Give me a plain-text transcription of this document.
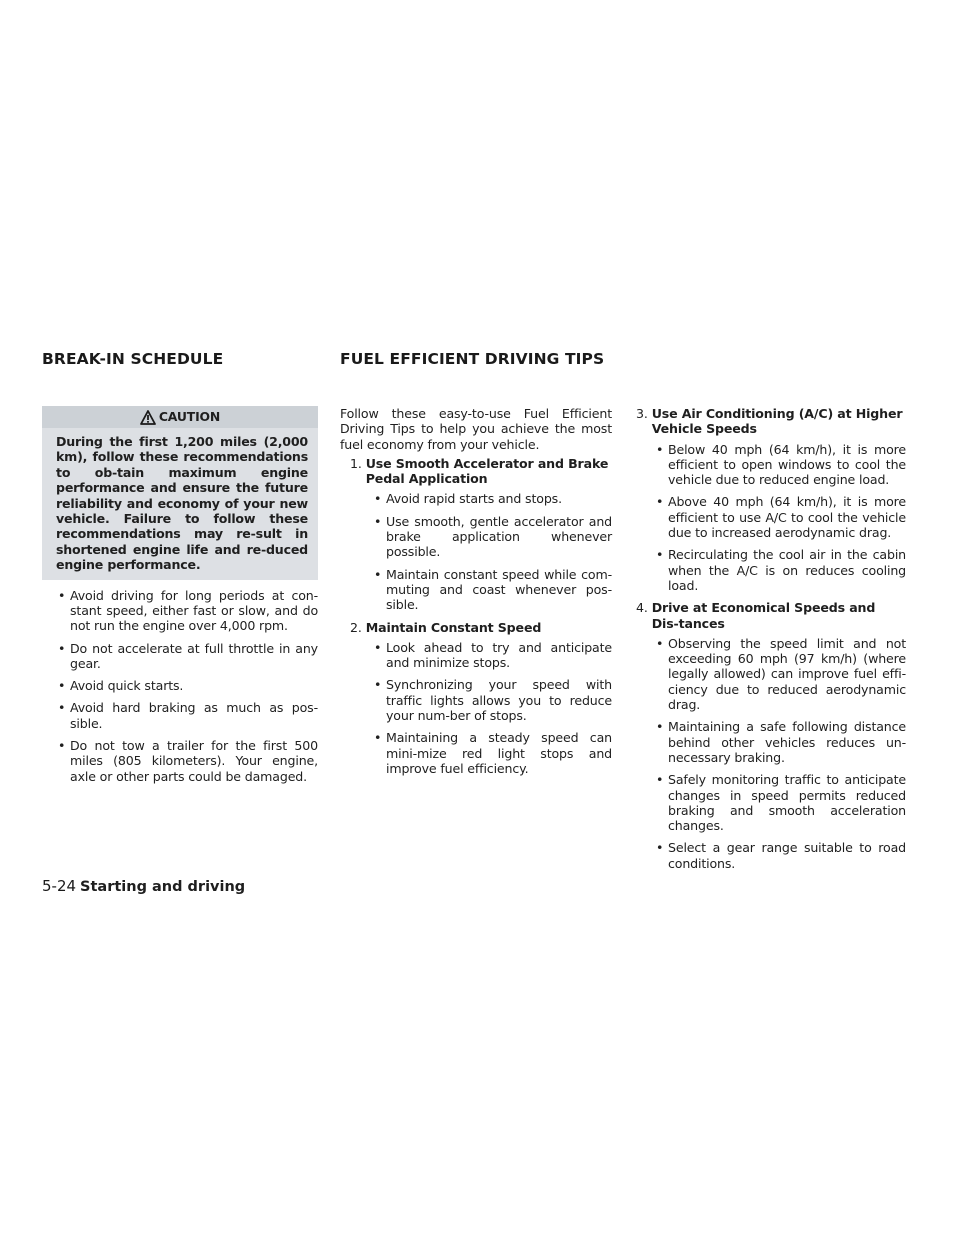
BREAK-IN SCHEDULE	FUEL EFFICIENT DRIVING TIPS
CAUTION
During the first 1,200 miles (2,000 km), follow these recommendations to ob-tain maximum engine performance and ensure the future reliability and economy of your new vehicle. Failure to follow these recommendations may re-sult in shortened engine life and re-duced engine performance.
• Avoid driving for long periods at con-stant speed, either fast or slow, and do not run the engine over 4,000 rpm.
• Do not accelerate at full throttle in any gear.
• Avoid quick starts.
• Avoid hard braking as much as pos-sible.
• Do not tow a trailer for the first 500 miles (805 kilometers). Your engine, axle or other parts could be damaged.

Follow these easy-to-use Fuel Efficient Driving Tips to help you achieve the most fuel economy from your vehicle.

1. Use Smooth Accelerator and Brake Pedal Application
• Avoid rapid starts and stops.
• Use smooth, gentle accelerator and brake application whenever possible.
• Maintain constant speed while com-muting and coast whenever pos-sible.
2. Maintain Constant Speed
• Look ahead to try and anticipate and minimize stops.
• Synchronizing your speed with traffic lights allows you to reduce your num-ber of stops.
• Maintaining a steady speed can mini-mize red light stops and improve fuel efficiency.
3. Use Air Conditioning (A/C) at Higher Vehicle Speeds
• Below 40 mph (64 km/h), it is more efficient to open windows to cool the vehicle due to reduced engine load.
• Above 40 mph (64 km/h), it is more efficient to use A/C to cool the vehicle due to increased aerodynamic drag.
• Recirculating the cool air in the cabin when the A/C is on reduces cooling load.
4. Drive at Economical Speeds and Dis-tances
• Observing the speed limit and not exceeding 60 mph (97 km/h) (where legally allowed) can improve fuel effi-ciency due to reduced aerodynamic drag.
• Maintaining a safe following distance behind other vehicles reduces un-necessary braking.
• Safely monitoring traffic to anticipate changes in speed permits reduced braking and smooth acceleration changes.
• Select a gear range suitable to road conditions.
5-24 Starting and driving
